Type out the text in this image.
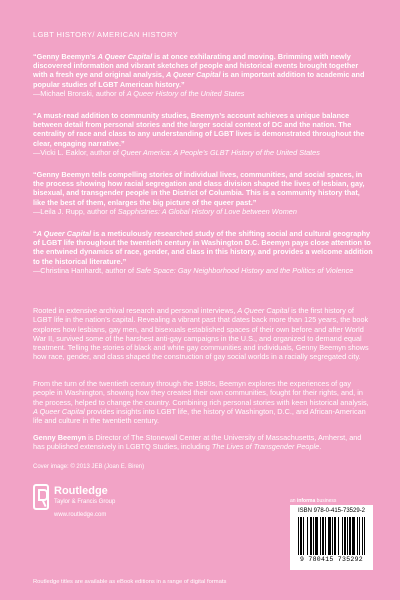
LGBT HISTORY/ AMERICAN HISTORY
“Genny Beemyn’s A Queer Capital is at once exhilarating and moving. Brimming with newly discovered information and vibrant sketches of people and historical events brought together with a fresh eye and original analysis, A Queer Capital is an important addition to academic and popular studies of LGBT American history.”
—Michael Bronski, author of A Queer History of the United States
“A must-read addition to community studies, Beemyn’s account achieves a unique balance between detail from personal stories and the larger social context of DC and the nation. The centrality of race and class to any understanding of LGBT lives is demonstrated throughout the clear, engaging narrative.”
—Vicki L. Eaklor, author of Queer America: A People’s GLBT History of the United States
“Genny Beemyn tells compelling stories of individual lives, communities, and social spaces, in the process showing how racial segregation and class division shaped the lives of lesbian, gay, bisexual, and transgender people in the District of Columbia. This is a community history that, like the best of them, enlarges the big picture of the queer past.”
—Leila J. Rupp, author of Sapphistries: A Global History of Love between Women
“A Queer Capital is a meticulously researched study of the shifting social and cultural geography of LGBT life throughout the twentieth century in Washington D.C. Beemyn pays close attention to the entwined dynamics of race, gender, and class in this history, and provides a welcome addition to the historical literature.”
—Christina Hanhardt, author of Safe Space: Gay Neighborhood History and the Politics of Violence
Rooted in extensive archival research and personal interviews, A Queer Capital is the first history of LGBT life in the nation’s capital. Revealing a vibrant past that dates back more than 125 years, the book explores how lesbians, gay men, and bisexuals established spaces of their own before and after World War II, survived some of the harshest anti-gay campaigns in the U.S., and organized to demand equal treatment. Telling the stories of black and white gay communities and individuals, Genny Beemyn shows how race, gender, and class shaped the construction of gay social worlds in a racially segregated city.
From the turn of the twentieth century through the 1980s, Beemyn explores the experiences of gay people in Washington, showing how they created their own communities, fought for their rights, and, in the process, helped to change the country. Combining rich personal stories with keen historical analysis, A Queer Capital provides insights into LGBT life, the history of Washington, D.C., and African-American life and culture in the twentieth century.
Genny Beemyn is Director of The Stonewall Center at the University of Massachusetts, Amherst, and has published extensively in LGBTQ Studies, including The Lives of Transgender People.
Cover image: © 2013 JEB (Joan E. Biren)
Routledge
Taylor & Francis Group
www.routledge.com
an informa business
ISBN 978-0-415-73529-2
9 780415 735292
Routledge titles are available as eBook editions in a range of digital formats
